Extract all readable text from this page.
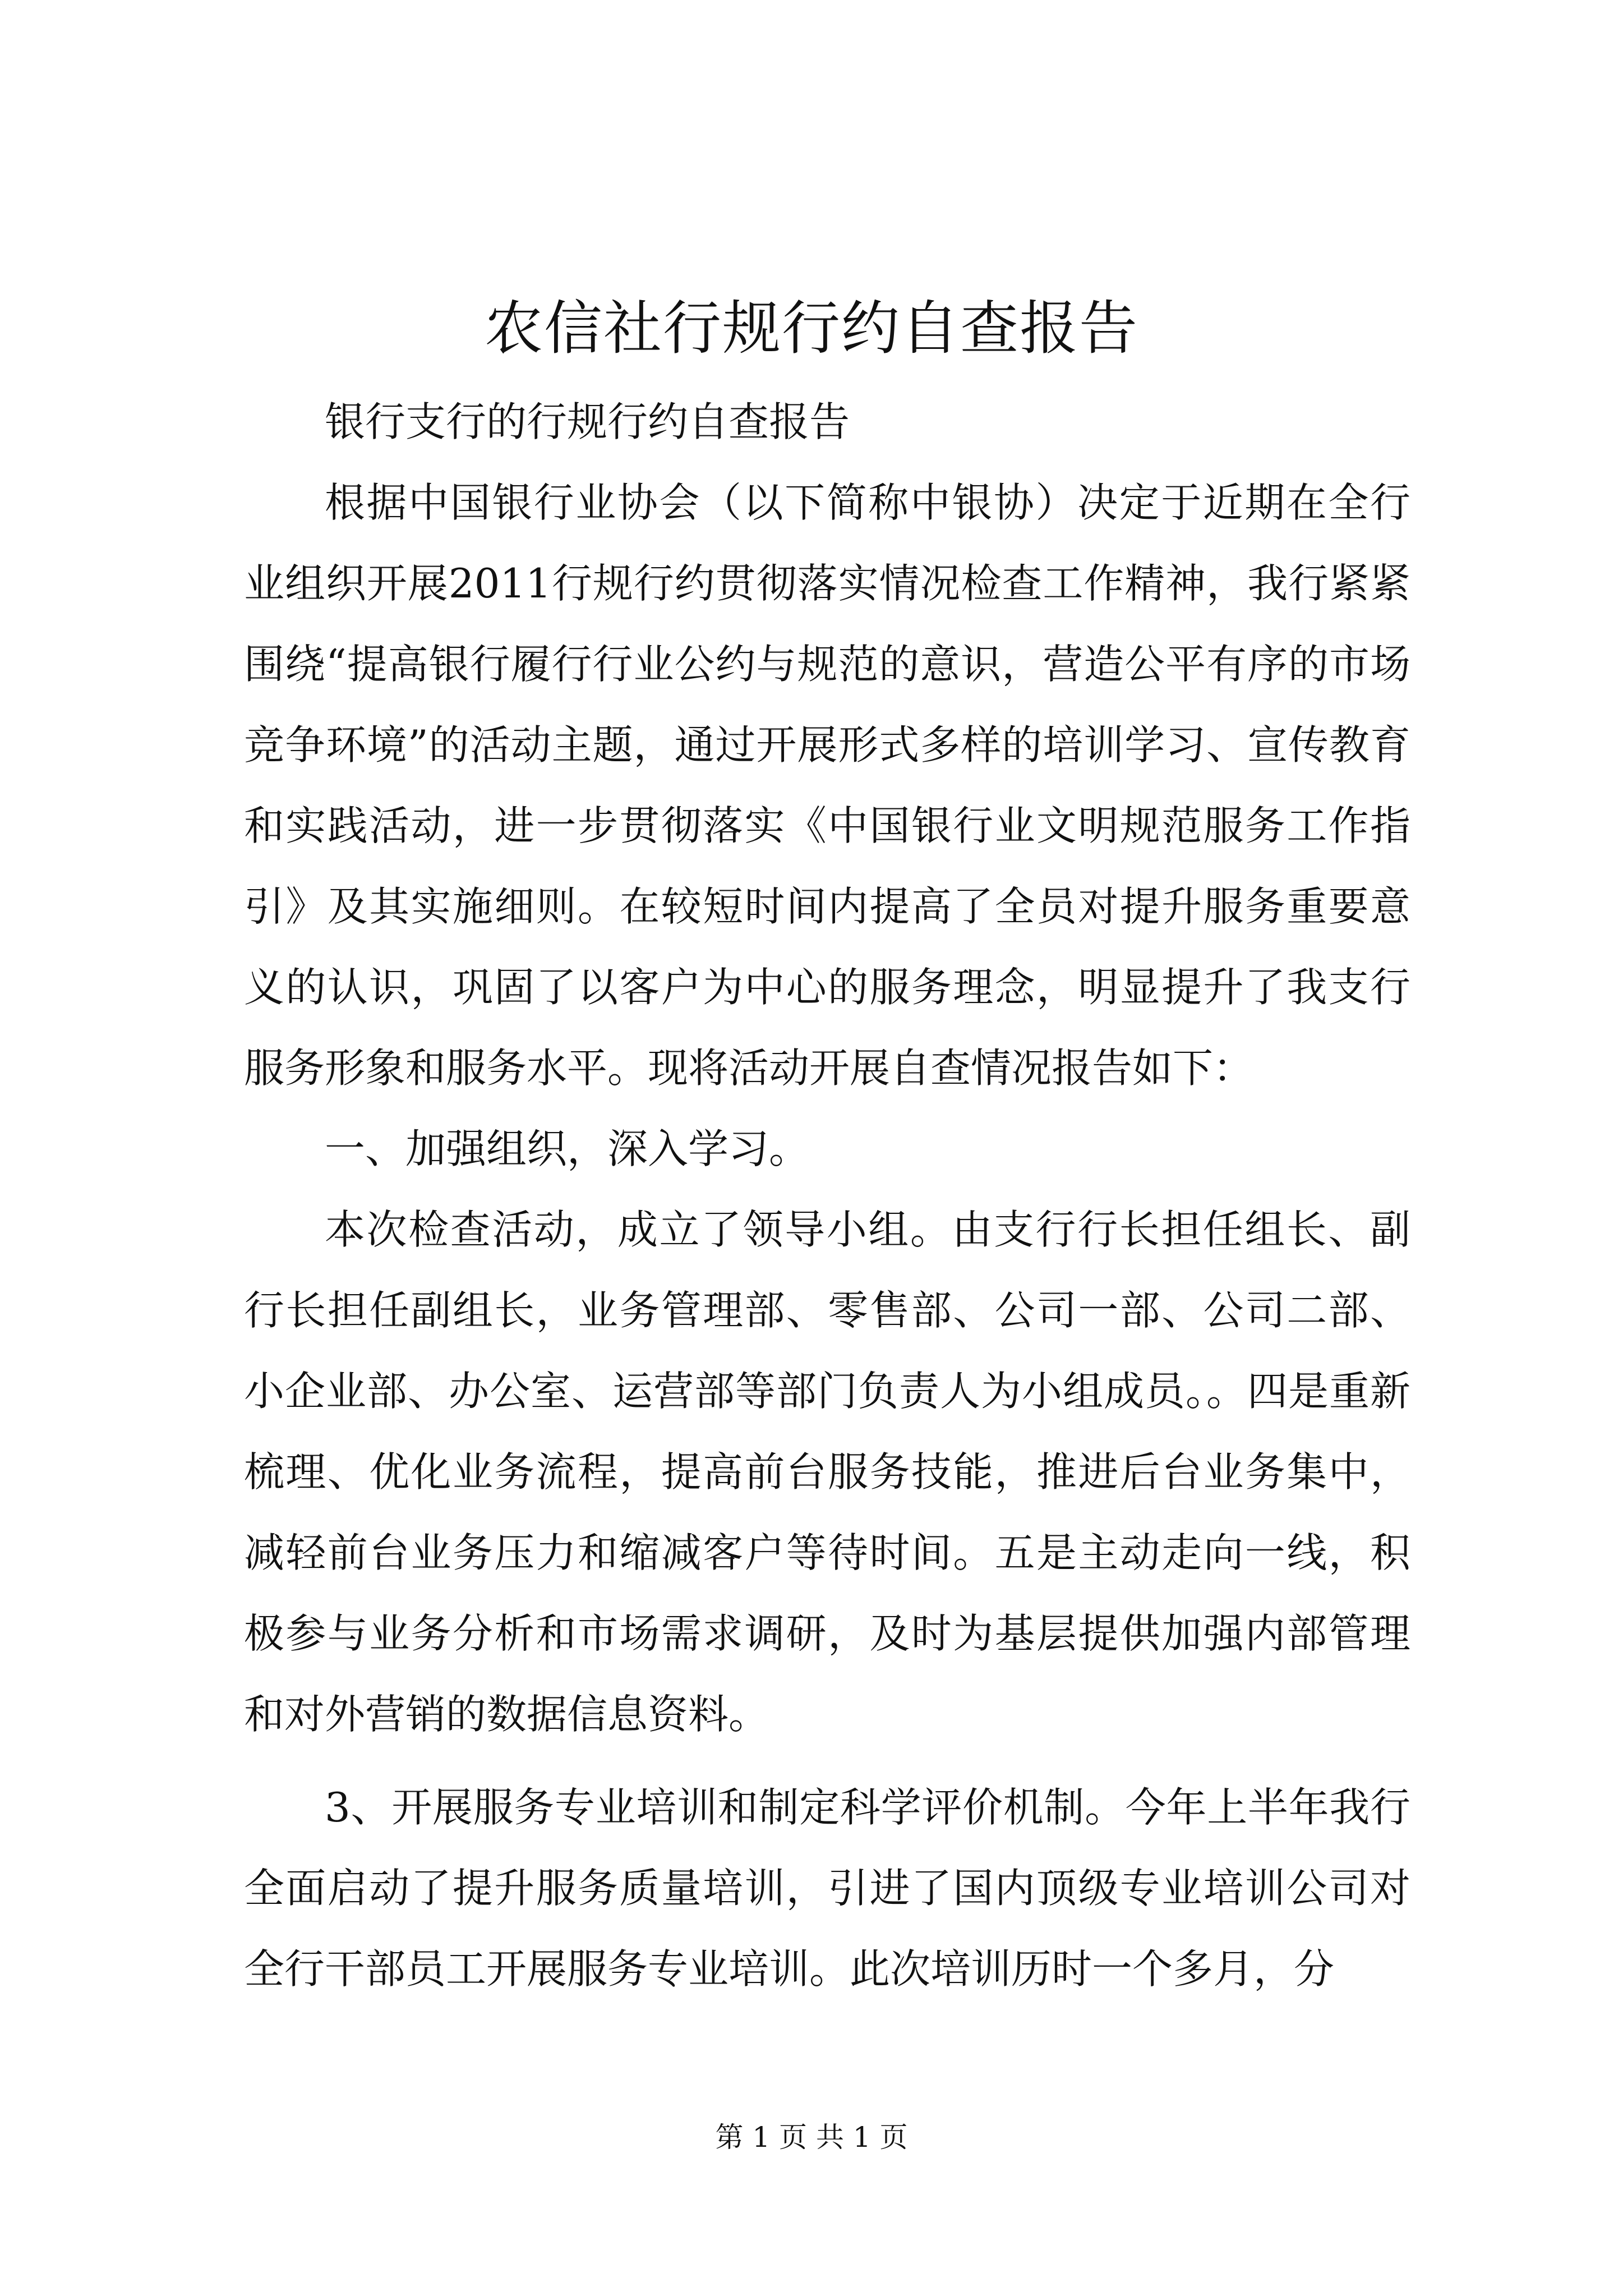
农信社行规行约自查报告

银行支行的行规行约自查报告

根据中国银行业协会（以下简称中银协）决定于近期在全行业组织开展2011行规行约贯彻落实情况检查工作精神，我行紧紧围绕“提高银行履行行业公约与规范的意识，营造公平有序的市场竞争环境”的活动主题，通过开展形式多样的培训学习、宣传教育和实践活动，进一步贯彻落实《中国银行业文明规范服务工作指引》及其实施细则。在较短时间内提高了全员对提升服务重要意义的认识，巩固了以客户为中心的服务理念，明显提升了我支行服务形象和服务水平。现将活动开展自查情况报告如下：

一、加强组织，深入学习。

本次检查活动，成立了领导小组。由支行行长担任组长、副行长担任副组长，业务管理部、零售部、公司一部、公司二部、小企业部、办公室、运营部等部门负责人为小组成员。。四是重新梳理、优化业务流程，提高前台服务技能，推进后台业务集中，减轻前台业务压力和缩减客户等待时间。五是主动走向一线，积极参与业务分析和市场需求调研，及时为基层提供加强内部管理和对外营销的数据信息资料。

3、开展服务专业培训和制定科学评价机制。今年上半年我行全面启动了提升服务质量培训，引进了国内顶级专业培训公司对全行干部员工开展服务专业培训。此次培训历时一个多月，分

第 1 页 共 1 页
